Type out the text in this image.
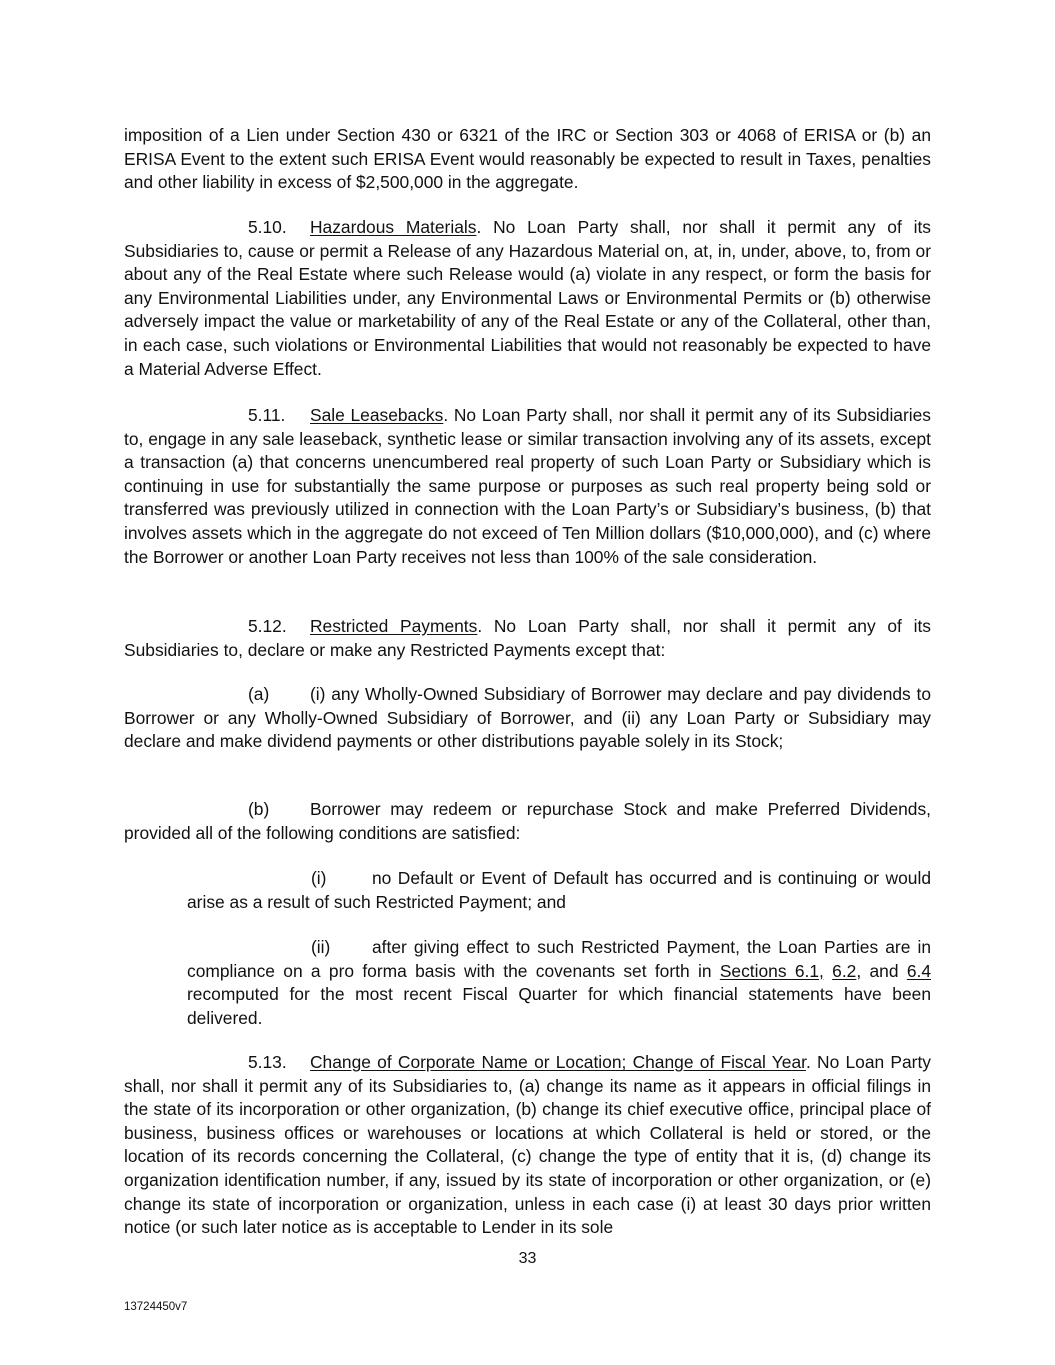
imposition of a Lien under Section 430 or 6321 of the IRC or Section 303 or 4068 of ERISA or (b) an ERISA Event to the extent such ERISA Event would reasonably be expected to result in Taxes, penalties and other liability in excess of $2,500,000 in the aggregate.

5.10. Hazardous Materials. No Loan Party shall, nor shall it permit any of its Subsidiaries to, cause or permit a Release of any Hazardous Material on, at, in, under, above, to, from or about any of the Real Estate where such Release would (a) violate in any respect, or form the basis for any Environmental Liabilities under, any Environmental Laws or Environmental Permits or (b) otherwise adversely impact the value or marketability of any of the Real Estate or any of the Collateral, other than, in each case, such violations or Environmental Liabilities that would not reasonably be expected to have a Material Adverse Effect.

5.11. Sale Leasebacks. No Loan Party shall, nor shall it permit any of its Subsidiaries to, engage in any sale leaseback, synthetic lease or similar transaction involving any of its assets, except a transaction (a) that concerns unencumbered real property of such Loan Party or Subsidiary which is continuing in use for substantially the same purpose or purposes as such real property being sold or transferred was previously utilized in connection with the Loan Party’s or Subsidiary’s business, (b) that involves assets which in the aggregate do not exceed of Ten Million dollars ($10,000,000), and (c) where the Borrower or another Loan Party receives not less than 100% of the sale consideration.

5.12. Restricted Payments. No Loan Party shall, nor shall it permit any of its Subsidiaries to, declare or make any Restricted Payments except that:

(a) (i) any Wholly-Owned Subsidiary of Borrower may declare and pay dividends to Borrower or any Wholly-Owned Subsidiary of Borrower, and (ii) any Loan Party or Subsidiary may declare and make dividend payments or other distributions payable solely in its Stock;

(b) Borrower may redeem or repurchase Stock and make Preferred Dividends, provided all of the following conditions are satisfied:

(i)	no Default or Event of Default has occurred and is continuing or would arise as a result of such Restricted Payment; and

(ii) after giving effect to such Restricted Payment, the Loan Parties are in compliance on a pro forma basis with the covenants set forth in Sections 6.1, 6.2, and 6.4 recomputed for the most recent Fiscal Quarter for which financial statements have been delivered.

5.13. Change of Corporate Name or Location; Change of Fiscal Year. No Loan Party shall, nor shall it permit any of its Subsidiaries to, (a) change its name as it appears in official filings in the state of its incorporation or other organization, (b) change its chief executive office, principal place of business, business offices or warehouses or locations at which Collateral is held or stored, or the location of its records concerning the Collateral, (c) change the type of entity that it is, (d) change its organization identification number, if any, issued by its state of incorporation or other organization, or (e) change its state of incorporation or organization, unless in each case (i) at least 30 days prior written notice (or such later notice as is acceptable to Lender in its sole

33
13724450v7
